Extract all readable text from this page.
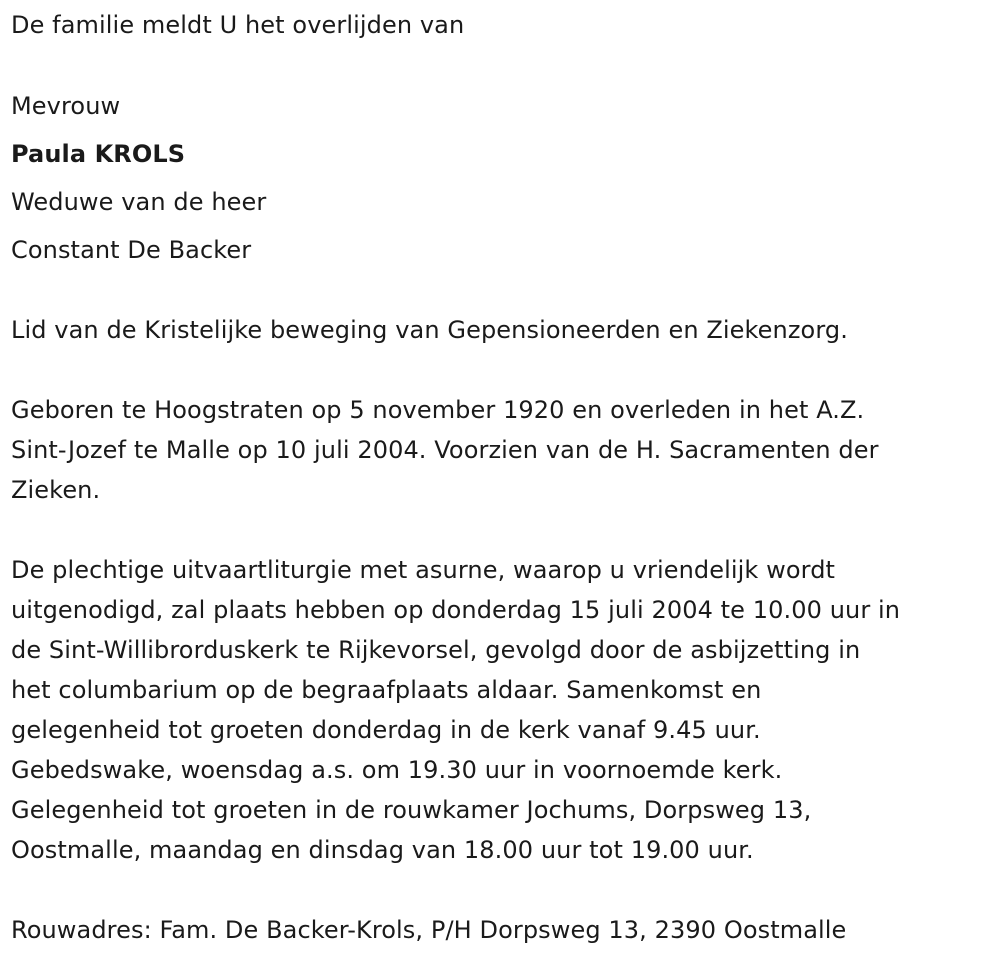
De familie meldt U het overlijden van
Mevrouw
Paula KROLS
Weduwe van de heer
Constant De Backer
Lid van de Kristelijke beweging van Gepensioneerden en Ziekenzorg.
Geboren te Hoogstraten op 5 november 1920 en overleden in het A.Z.
Sint-Jozef te Malle op 10 juli 2004. Voorzien van de H. Sacramenten der
Zieken.
De plechtige uitvaartliturgie met asurne, waarop u vriendelijk wordt
uitgenodigd, zal plaats hebben op donderdag 15 juli 2004 te 10.00 uur in
de Sint-Willibrorduskerk te Rijkevorsel, gevolgd door de asbijzetting in
het columbarium op de begraafplaats aldaar. Samenkomst en
gelegenheid tot groeten donderdag in de kerk vanaf 9.45 uur.
Gebedswake, woensdag a.s. om 19.30 uur in voornoemde kerk.
Gelegenheid tot groeten in de rouwkamer Jochums, Dorpsweg 13,
Oostmalle, maandag en dinsdag van 18.00 uur tot 19.00 uur.
Rouwadres: Fam. De Backer-Krols, P/H Dorpsweg 13, 2390 Oostmalle
